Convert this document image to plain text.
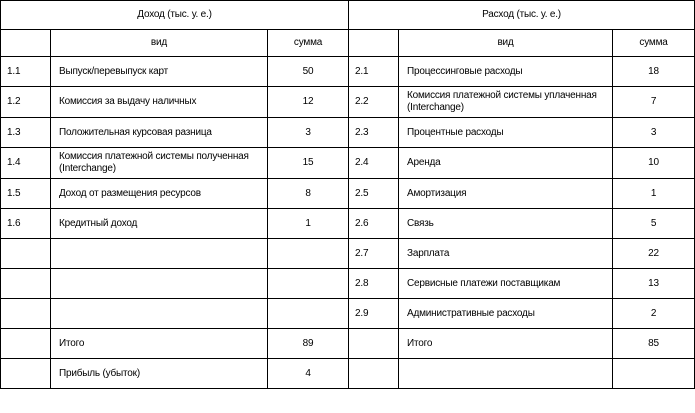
Доход (тыс. у. е.)			Расход (тыс. у. е.)		
	вид	сумма		вид	сумма
1.1	Выпуск/перевыпуск карт	50	2.1	Процессинговые расходы	18
1.2	Комиссия за выдачу наличных	12	2.2	Комиссия платежной системы уплаченная (Interchange)	7
1.3	Положительная курсовая разница	3	2.3	Процентные расходы	3
1.4	Комиссия платежной системы полученная (Interchange)	15	2.4	Аренда	10
1.5	Доход от размещения ресурсов	8	2.5	Амортизация	1
1.6	Кредитный доход	1	2.6	Связь	5
			2.7	Зарплата	22
			2.8	Сервисные платежи поставщикам	13
			2.9	Административные расходы	2
	Итого	89		Итого	85
	Прибыль (убыток)	4			
